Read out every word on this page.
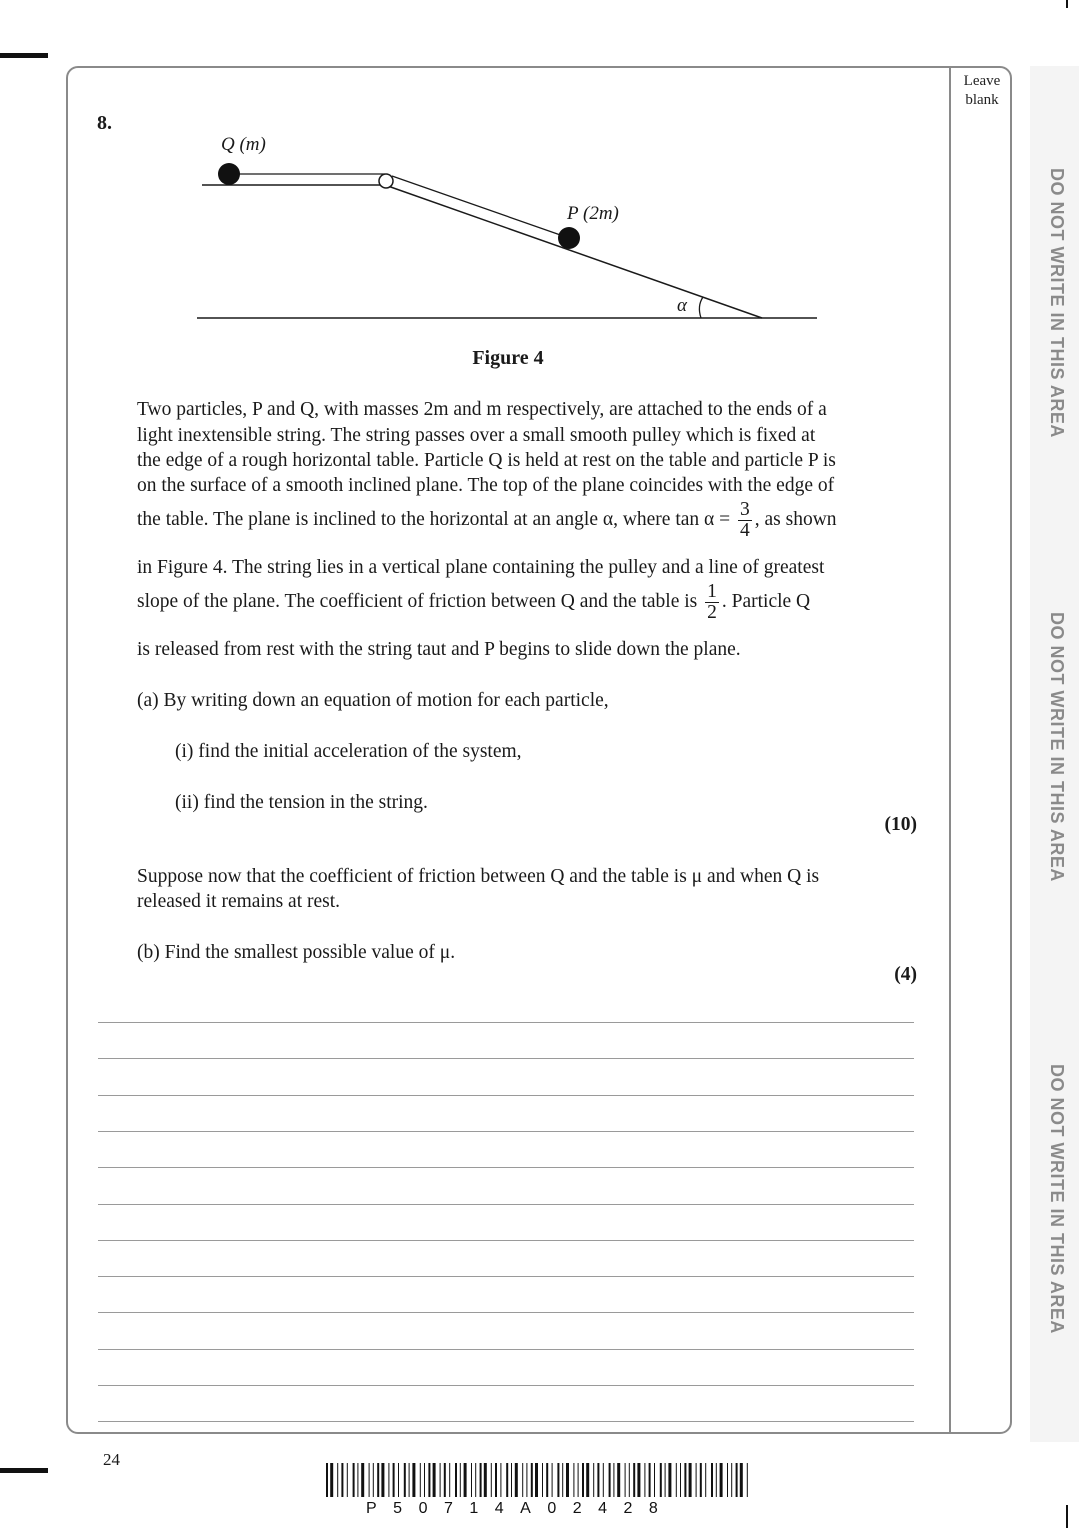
Leave blank
8.
Q (m)
P (2m)
α
Figure 4
Two particles, P and Q, with masses 2m and m respectively, are attached to the ends of a
light inextensible string. The string passes over a small smooth pulley which is fixed at
the edge of a rough horizontal table. Particle Q is held at rest on the table and particle P is
on the surface of a smooth inclined plane. The top of the plane coincides with the edge of
the table. The plane is inclined to the horizontal at an angle α, where $\tan \alpha = \frac{3}{4}$ , as shown
in Figure 4. The string lies in a vertical plane containing the pulley and a line of greatest
slope of the plane. The coefficient of friction between Q and the table is $\frac{1}{2}$ . Particle Q
is released from rest with the string taut and P begins to slide down the plane.
(a) By writing down an equation of motion for each particle,
(i) find the initial acceleration of the system,
(ii) find the tension in the string.
(10)
Suppose now that the coefficient of friction between Q and the table is μ and when Q is
released it remains at rest.
(b) Find the smallest possible value of μ.
(4)
DO NOT WRITE IN THIS AREA
DO NOT WRITE IN THIS AREA
DO NOT WRITE IN THIS AREA
24
P50714A02428
